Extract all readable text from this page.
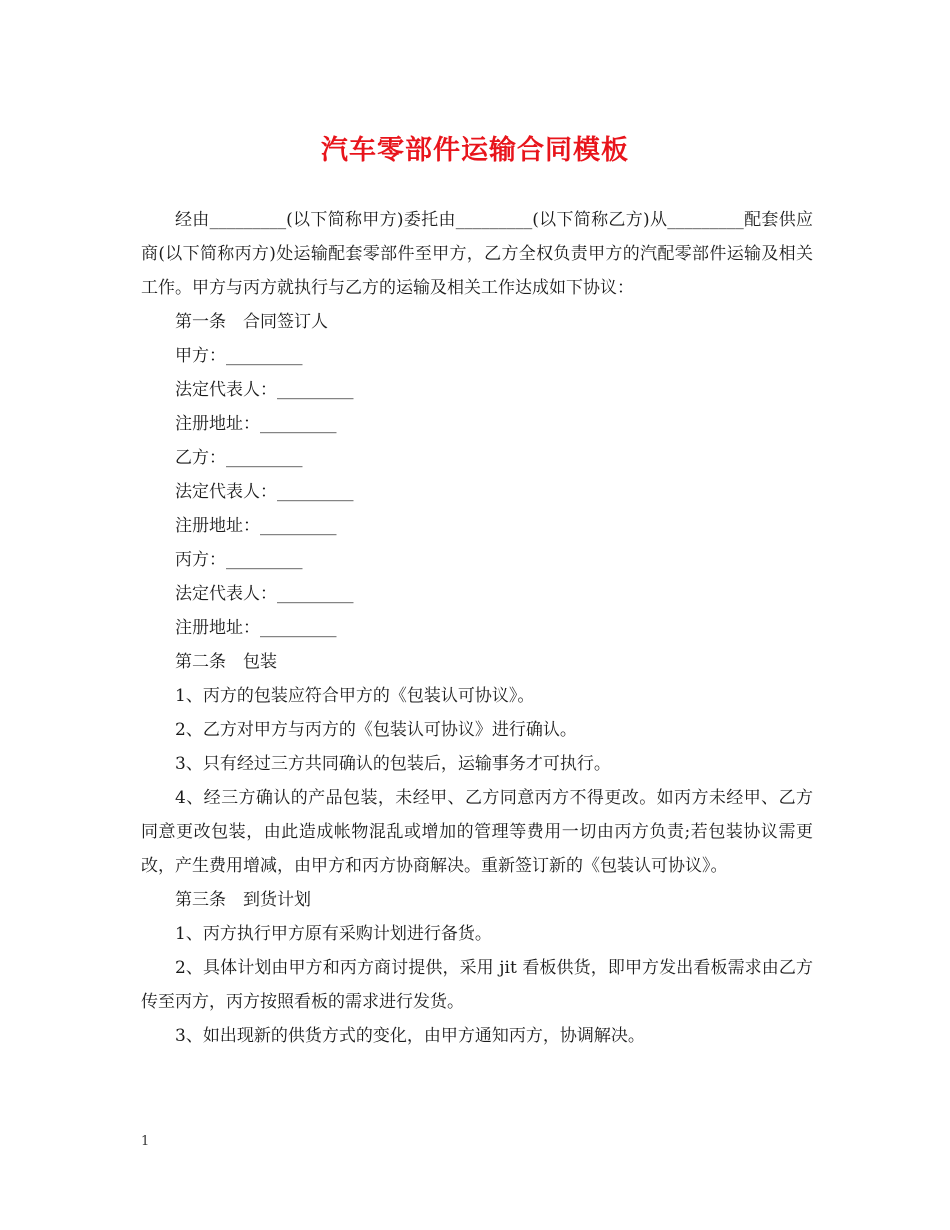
汽车零部件运输合同模板

经由_________(以下简称甲方)委托由_________(以下简称乙方)从_________配套供应商(以下简称丙方)处运输配套零部件至甲方，乙方全权负责甲方的汽配零部件运输及相关工作。甲方与丙方就执行与乙方的运输及相关工作达成如下协议：

第一条　合同签订人

甲方：_________

法定代表人：_________

注册地址：_________

乙方：_________

法定代表人：_________

注册地址：_________

丙方：_________

法定代表人：_________

注册地址：_________

第二条　包装

1、丙方的包装应符合甲方的《包装认可协议》。

2、乙方对甲方与丙方的《包装认可协议》进行确认。

3、只有经过三方共同确认的包装后，运输事务才可执行。

4、经三方确认的产品包装，未经甲、乙方同意丙方不得更改。如丙方未经甲、乙方同意更改包装，由此造成帐物混乱或增加的管理等费用一切由丙方负责;若包装协议需更改，产生费用增减，由甲方和丙方协商解决。重新签订新的《包装认可协议》。

第三条　到货计划

1、丙方执行甲方原有采购计划进行备货。

2、具体计划由甲方和丙方商讨提供，采用 jit 看板供货，即甲方发出看板需求由乙方传至丙方，丙方按照看板的需求进行发货。

3、如出现新的供货方式的变化，由甲方通知丙方，协调解决。

1
